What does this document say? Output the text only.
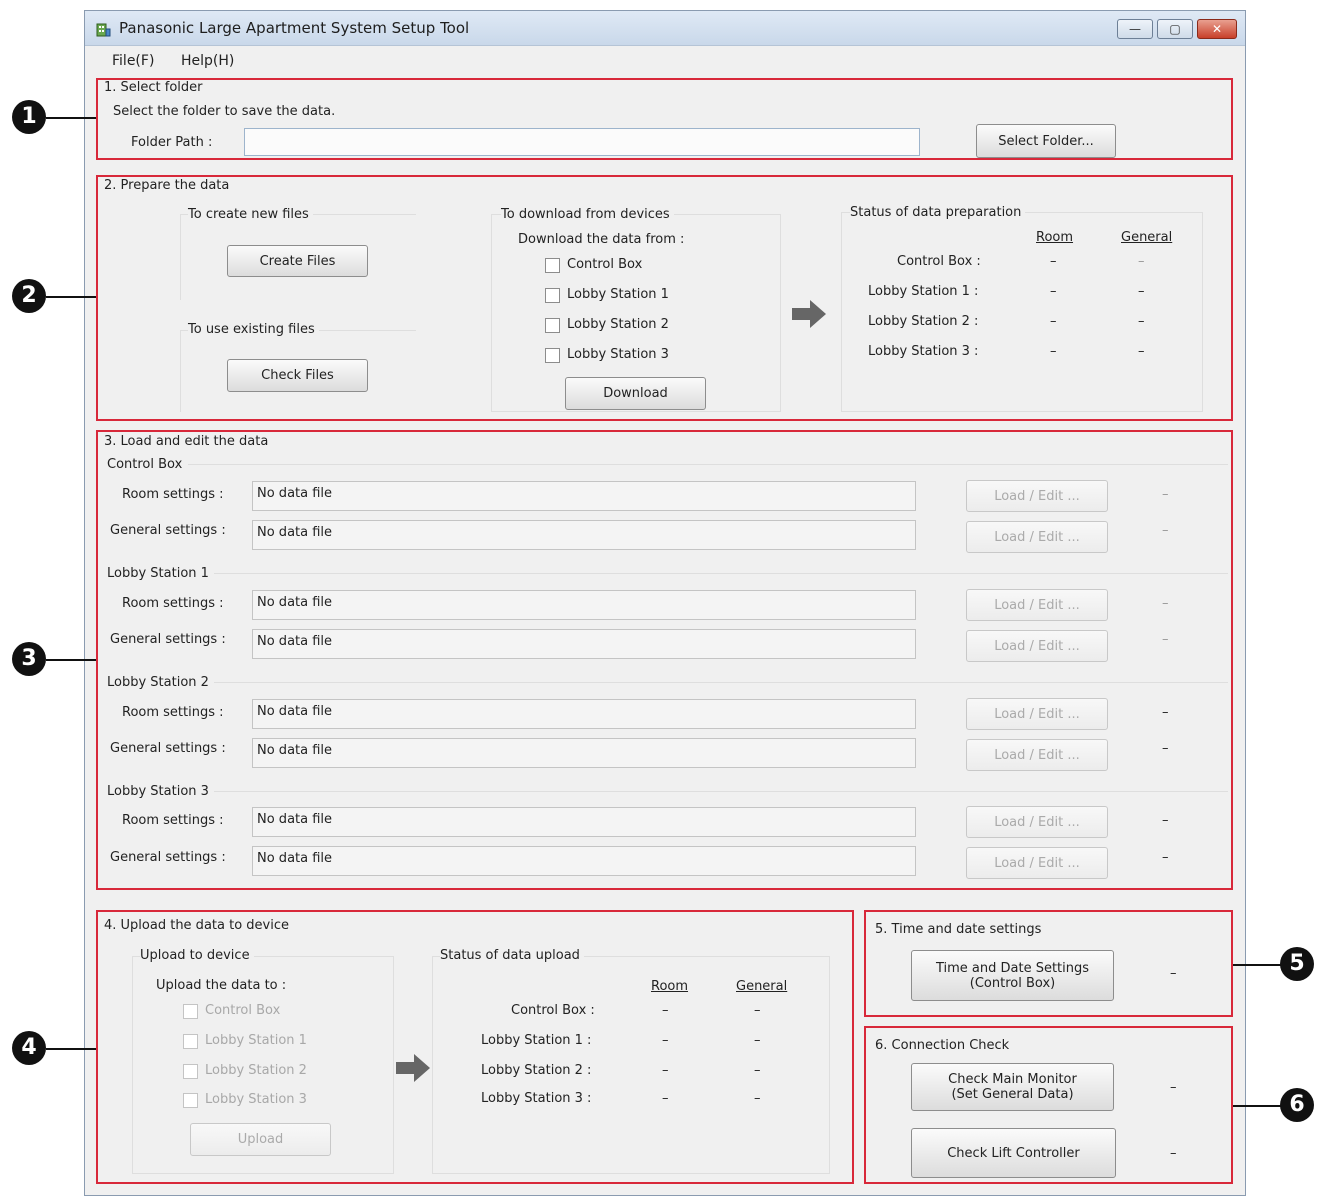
Panasonic Large Apartment System Setup Tool	—	▢	✕
File(F) Help(H)
1. Select folder
Select the folder to save the data.
Folder Path :	Select Folder...
2. Prepare the data
To create new files
Create Files
To use existing files
Check Files
To download from devices
Download the data from :
Control Box
Lobby Station 1
Lobby Station 2
Lobby Station 3
Download
Status of data preparation
Room	General
Control Box :	–	–
Lobby Station 1 :	–	–
Lobby Station 2 :	–	–
Lobby Station 3 :	–	–
3. Load and edit the data
Control Box
Room settings :	No data file	Load / Edit ...	–
General settings :	No data file	Load / Edit ...	–
Lobby Station 1
Room settings :	No data file	Load / Edit ...	–
General settings :	No data file	Load / Edit ...	–
Lobby Station 2
Room settings :	No data file	Load / Edit ...	–
General settings :	No data file	Load / Edit ...	–
Lobby Station 3
Room settings :	No data file	Load / Edit ...	–
General settings :	No data file	Load / Edit ...	–
4. Upload the data to device
Upload to device
Upload the data to :
Control Box
Lobby Station 1
Lobby Station 2
Lobby Station 3
Upload
Status of data upload
Room	General
Control Box :	–	–
Lobby Station 1 :	–	–
Lobby Station 2 :	–	–
Lobby Station 3 :	–	–
5. Time and date settings
Time and Date Settings
(Control Box)
–
6. Connection Check
Check Main Monitor
(Set General Data)	–
Check Lift Controller	–
1
2
3
4
5
6
